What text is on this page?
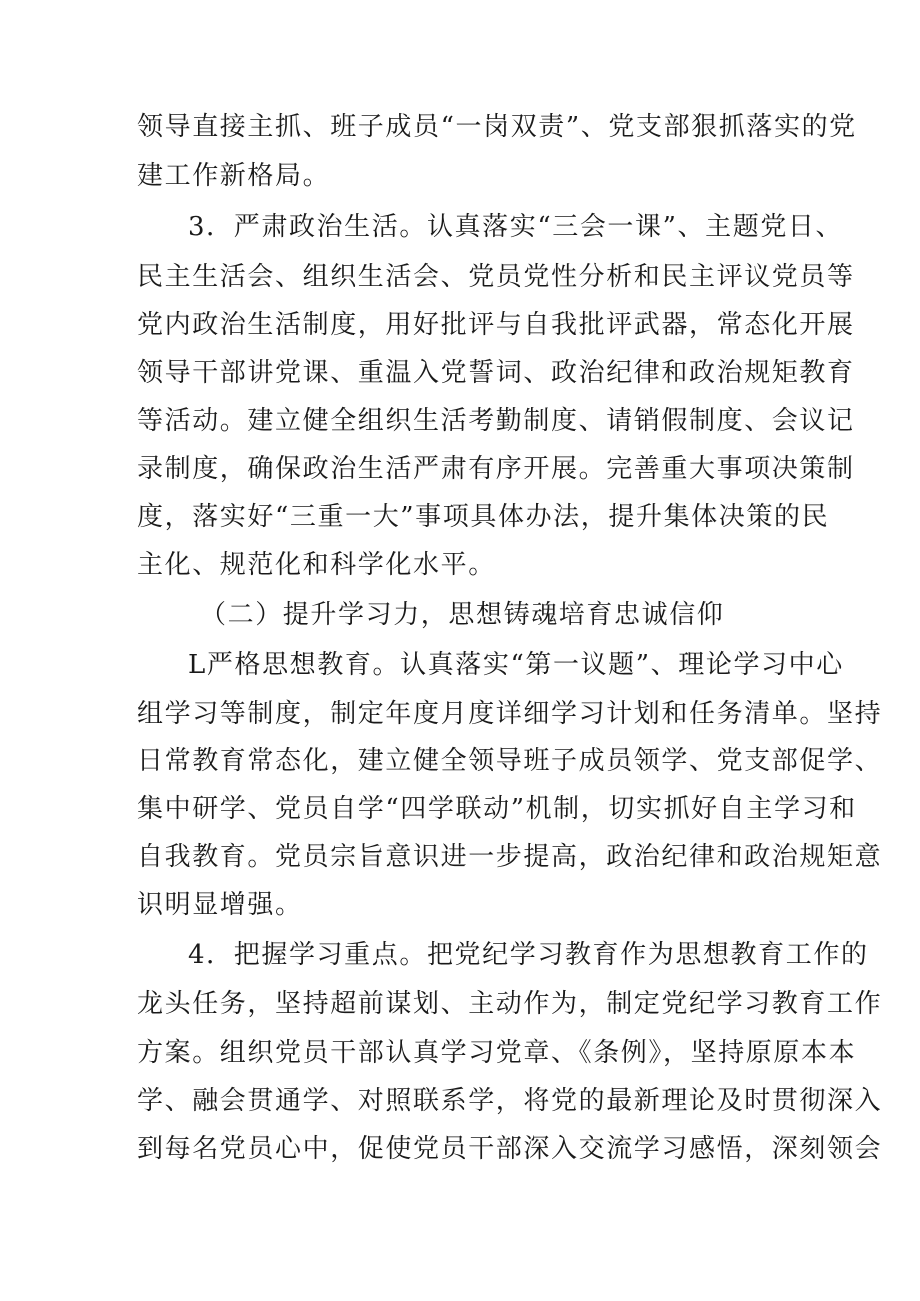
领导直接主抓、班子成员“一岗双责”、党支部狠抓落实的党
建工作新格局。
3．严肃政治生活。认真落实“三会一课”、主题党日、
民主生活会、组织生活会、党员党性分析和民主评议党员等
党内政治生活制度，用好批评与自我批评武器，常态化开展
领导干部讲党课、重温入党誓词、政治纪律和政治规矩教育
等活动。建立健全组织生活考勤制度、请销假制度、会议记
录制度，确保政治生活严肃有序开展。完善重大事项决策制
度，落实好“三重一大”事项具体办法，提升集体决策的民
主化、规范化和科学化水平。
（二）提升学习力，思想铸魂培育忠诚信仰
L严格思想教育。认真落实“第一议题”、理论学习中心
组学习等制度，制定年度月度详细学习计划和任务清单。坚持
日常教育常态化，建立健全领导班子成员领学、党支部促学、
集中研学、党员自学“四学联动”机制，切实抓好自主学习和
自我教育。党员宗旨意识进一步提高，政治纪律和政治规矩意
识明显增强。
4．把握学习重点。把党纪学习教育作为思想教育工作的
龙头任务，坚持超前谋划、主动作为，制定党纪学习教育工作
方案。组织党员干部认真学习党章、《条例》，坚持原原本本
学、融会贯通学、对照联系学，将党的最新理论及时贯彻深入
到每名党员心中，促使党员干部深入交流学习感悟，深刻领会
